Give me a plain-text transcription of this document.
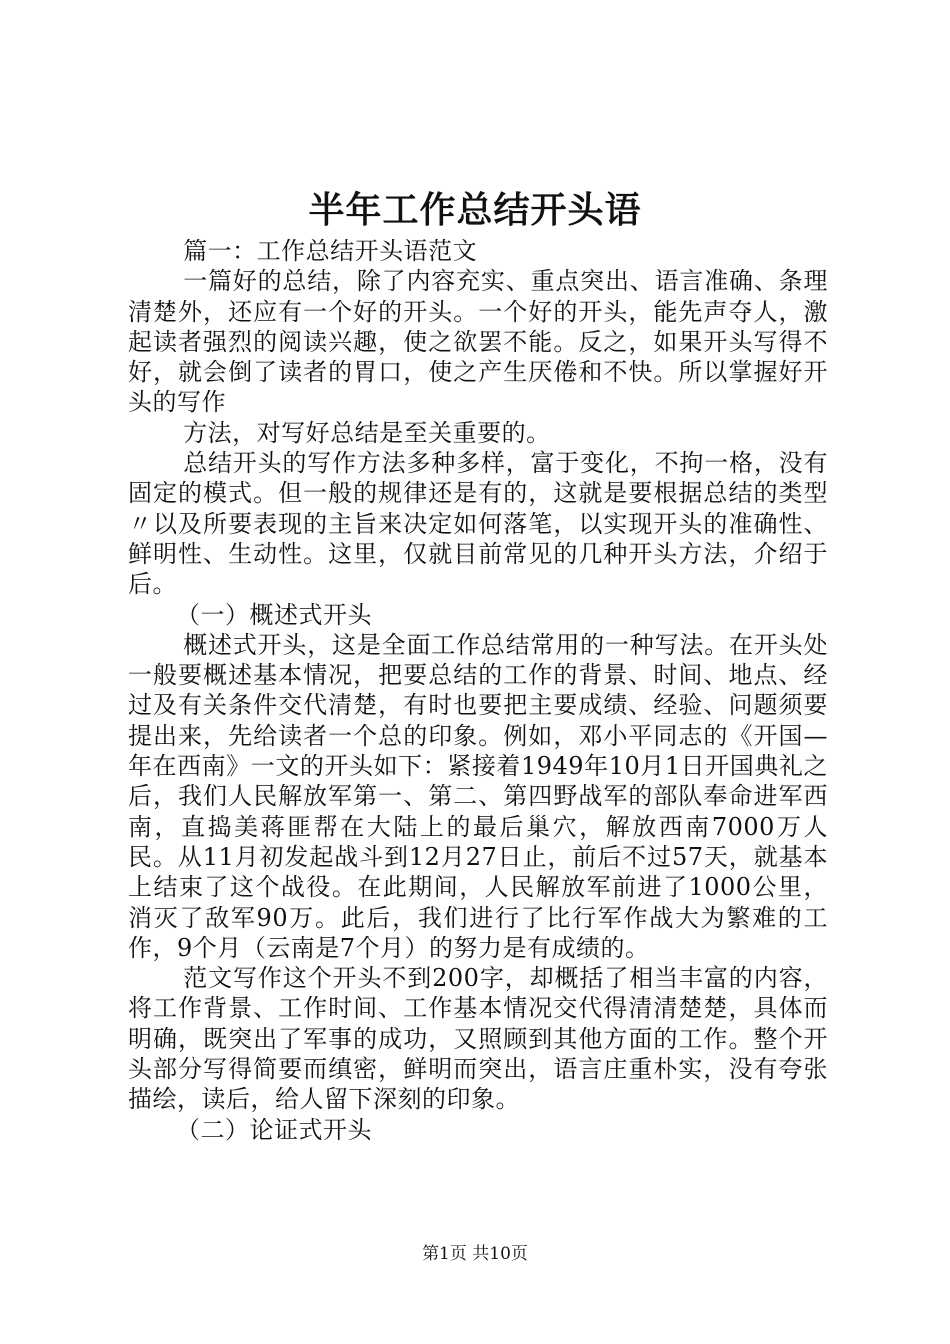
半年工作总结开头语

篇一：工作总结开头语范文

一篇好的总结，除了内容充实、重点突出、语言准确、条理清楚外，还应有一个好的开头。一个好的开头，能先声夺人，激起读者强烈的阅读兴趣，使之欲罢不能。反之，如果开头写得不好，就会倒了读者的胃口，使之产生厌倦和不快。所以掌握好开头的写作

方法，对写好总结是至关重要的。

总结开头的写作方法多种多样，富于变化，不拘一格，没有固定的模式。但一般的规律还是有的，这就是要根据总结的类型〃以及所要表现的主旨来决定如何落笔，以实现开头的准确性、鲜明性、生动性。这里，仅就目前常见的几种开头方法，介绍于后。

（一）概述式开头

概述式开头，这是全面工作总结常用的一种写法。在开头处一般要概述基本情况，把要总结的工作的背景、时间、地点、经过及有关条件交代清楚，有时也要把主要成绩、经验、问题须要提出来，先给读者一个总的印象。例如，邓小平同志的《开国—年在西南》一文的开头如下：紧接着1949年10月1日开国典礼之后，我们人民解放军第一、第二、第四野战军的部队奉命进军西南，直捣美蒋匪帮在大陆上的最后巢穴，解放西南7000万人民。从11月初发起战斗到12月27日止，前后不过57天，就基本上结束了这个战役。在此期间，人民解放军前进了1000公里，消灭了敌军90万。此后，我们进行了比行军作战大为繁难的工作，9个月（云南是7个月）的努力是有成绩的。

范文写作这个开头不到200字，却概括了相当丰富的内容，将工作背景、工作时间、工作基本情况交代得清清楚楚，具体而明确，既突出了军事的成功，又照顾到其他方面的工作。整个开头部分写得简要而缜密，鲜明而突出，语言庄重朴实，没有夸张描绘，读后，给人留下深刻的印象。

（二）论证式开头

第1页 共10页
